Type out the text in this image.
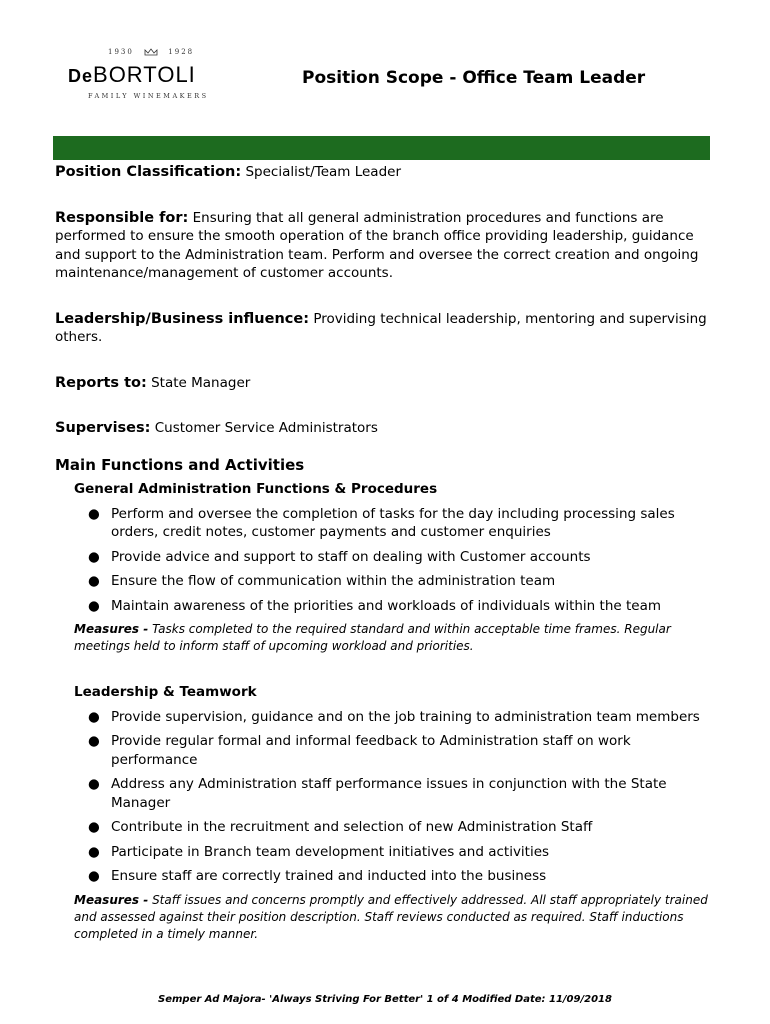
1930	1928
DeBORTOLI
FAMILY WINEMAKERS
Position Scope - Office Team Leader

Position Classification: Specialist/Team Leader

Responsible for: Ensuring that all general administration procedures and functions are performed to ensure the smooth operation of the branch office providing leadership, guidance and support to the Administration team. Perform and oversee the correct creation and ongoing maintenance/management of customer accounts.

Leadership/Business influence: Providing technical leadership, mentoring and supervising others.

Reports to: State Manager

Supervises: Customer Service Administrators

Main Functions and Activities
General Administration Functions & Procedures
● Perform and oversee the completion of tasks for the day including processing sales orders, credit notes, customer payments and customer enquiries
● Provide advice and support to staff on dealing with Customer accounts
● Ensure the flow of communication within the administration team
● Maintain awareness of the priorities and workloads of individuals within the team
Measures - Tasks completed to the required standard and within acceptable time frames. Regular meetings held to inform staff of upcoming workload and priorities.
Leadership & Teamwork
● Provide supervision, guidance and on the job training to administration team members
● Provide regular formal and informal feedback to Administration staff on work performance
● Address any Administration staff performance issues in conjunction with the State Manager
● Contribute in the recruitment and selection of new Administration Staff
● Participate in Branch team development initiatives and activities
● Ensure staff are correctly trained and inducted into the business
Measures - Staff issues and concerns promptly and effectively addressed. All staff appropriately trained and assessed against their position description. Staff reviews conducted as required. Staff inductions completed in a timely manner.
Semper Ad Majora- 'Always Striving For Better' 1 of 4 Modified Date: 11/09/2018
